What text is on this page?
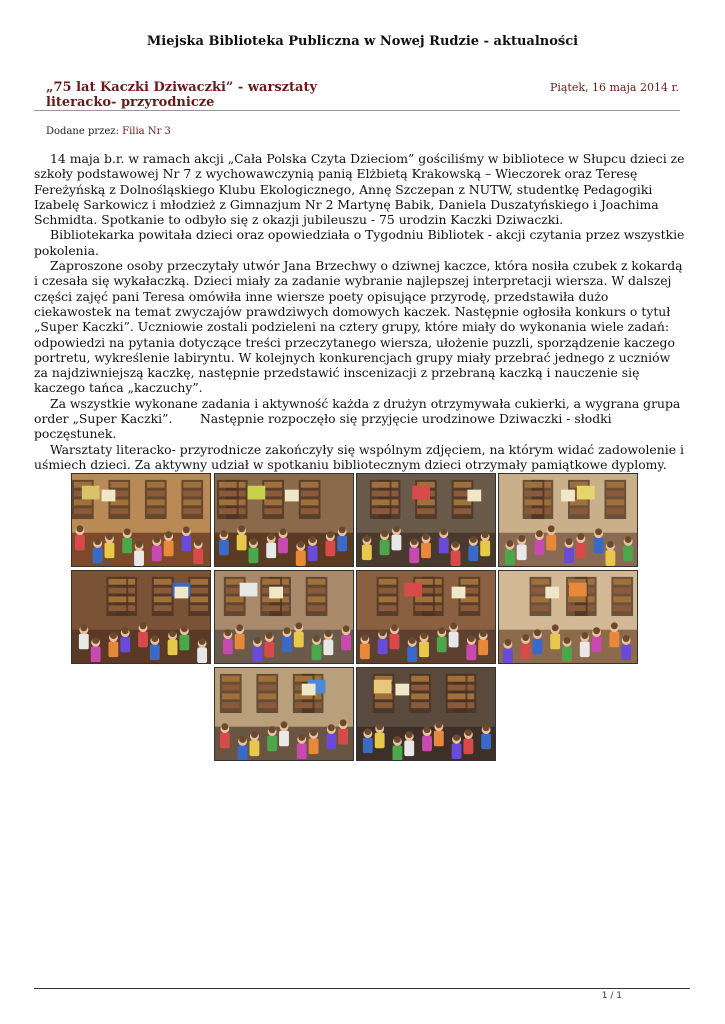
Miejska Biblioteka Publiczna w Nowej Rudzie - aktualności
„75 lat Kaczki Dziwaczki” - warsztaty literacko- przyrodnicze
Piątek, 16 maja 2014 r.
Dodane przez: Filia Nr 3

14 maja b.r. w ramach akcji „Cała Polska Czyta Dzieciom” gościliśmy w bibliotece w Słupcu dzieci ze szkoły podstawowej Nr 7 z wychowawczynią panią Elżbietą Krakowską – Wieczorek oraz Teresę Fereżyńską z Dolnośląskiego Klubu Ekologicznego, Annę Szczepan z NUTW, studentkę Pedagogiki Izabelę Sarkowicz i młodzież z Gimnazjum Nr 2 Martynę Babik, Daniela Duszatyńskiego i Joachima Schmidta. Spotkanie to odbyło się z okazji jubileuszu - 75 urodzin Kaczki Dziwaczki.

Bibliotekarka powitała dzieci oraz opowiedziała o Tygodniu Bibliotek - akcji czytania przez wszystkie pokolenia.

Zaproszone osoby przeczytały utwór Jana Brzechwy o dziwnej kaczce, która nosiła czubek z kokardą i czesała się wykałaczką. Dzieci miały za zadanie wybranie najlepszej interpretacji wiersza. W dalszej części zajęć pani Teresa omówiła inne wiersze poety opisujące przyrodę, przedstawiła dużo ciekawostek na temat zwyczajów prawdziwych domowych kaczek. Następnie ogłosiła konkurs o tytuł „Super Kaczki”. Uczniowie zostali podzieleni na cztery grupy, które miały do wykonania wiele zadań: odpowiedzi na pytania dotyczące treści przeczytanego wiersza, ułożenie puzzli, sporządzenie kaczego portretu, wykreślenie labiryntu. W kolejnych konkurencjach grupy miały przebrać jednego z uczniów za najdziwniejszą kaczkę, następnie przedstawić inscenizacji z przebraną kaczką i nauczenie się kaczego tańca „kaczuchy”.

Za wszystkie wykonane zadania i aktywność każda z drużyn otrzymywała cukierki, a wygrana grupa order „Super Kaczki”.       Następnie rozpoczęło się przyjęcie urodzinowe Dziwaczki - słodki poczęstunek.

Warsztaty literacko- przyrodnicze zakończyły się wspólnym zdjęciem, na którym widać zadowolenie i uśmiech dzieci. Za aktywny udział w spotkaniu bibliotecznym dzieci otrzymały pamiątkowe dyplomy.

1 / 1
